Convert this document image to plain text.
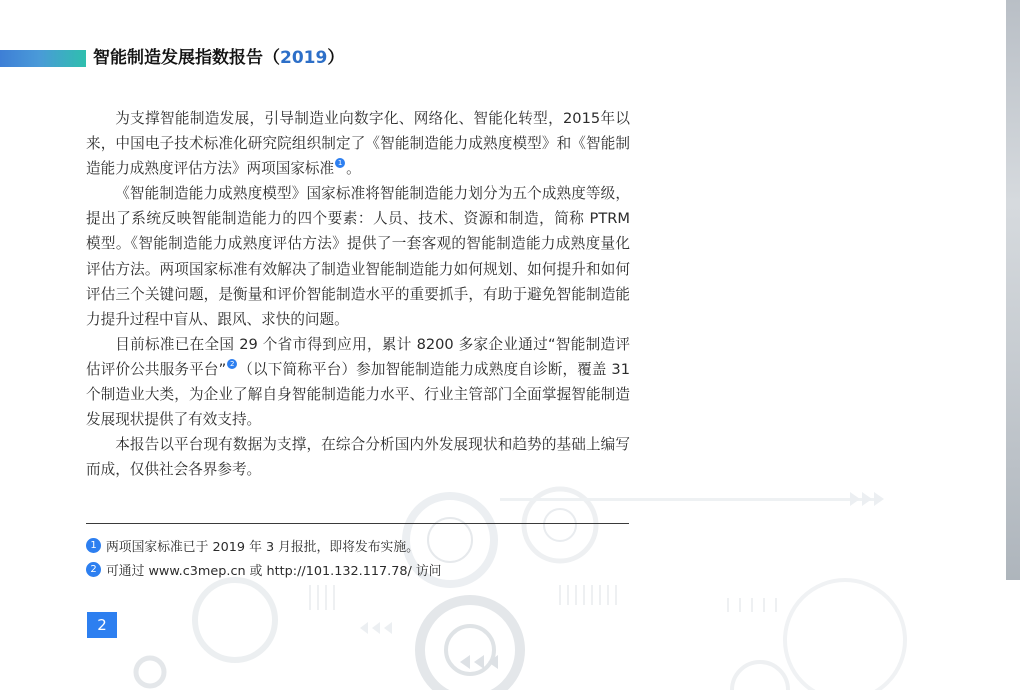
智能制造发展指数报告（2019）

为支撑智能制造发展，引导制造业向数字化、网络化、智能化转型，2015年以来，中国电子技术标准化研究院组织制定了《智能制造能力成熟度模型》和《智能制造能力成熟度评估方法》两项国家标准 1 。

《智能制造能力成熟度模型》国家标准将智能制造能力划分为五个成熟度等级，提出了系统反映智能制造能力的四个要素：人员、技术、资源和制造，简称 PTRM 模型。《智能制造能力成熟度评估方法》提供了一套客观的智能制造能力成熟度量化评估方法。两项国家标准有效解决了制造业智能制造能力如何规划、如何提升和如何评估三个关键问题，是衡量和评价智能制造水平的重要抓手，有助于避免智能制造能力提升过程中盲从、跟风、求快的问题。

目前标准已在全国 29 个省市得到应用，累计 8200 多家企业通过“智能制造评估评价公共服务平台” 2 （以下简称平台）参加智能制造能力成熟度自诊断，覆盖 31 个制造业大类，为企业了解自身智能制造能力水平、行业主管部门全面掌握智能制造发展现状提供了有效支持。

本报告以平台现有数据为支撑，在综合分析国内外发展现状和趋势的基础上编写而成，仅供社会各界参考。

1 两项国家标准已于 2019 年 3 月报批，即将发布实施。
2 可通过 www.c3mep.cn 或 http://101.132.117.78/ 访问
2
